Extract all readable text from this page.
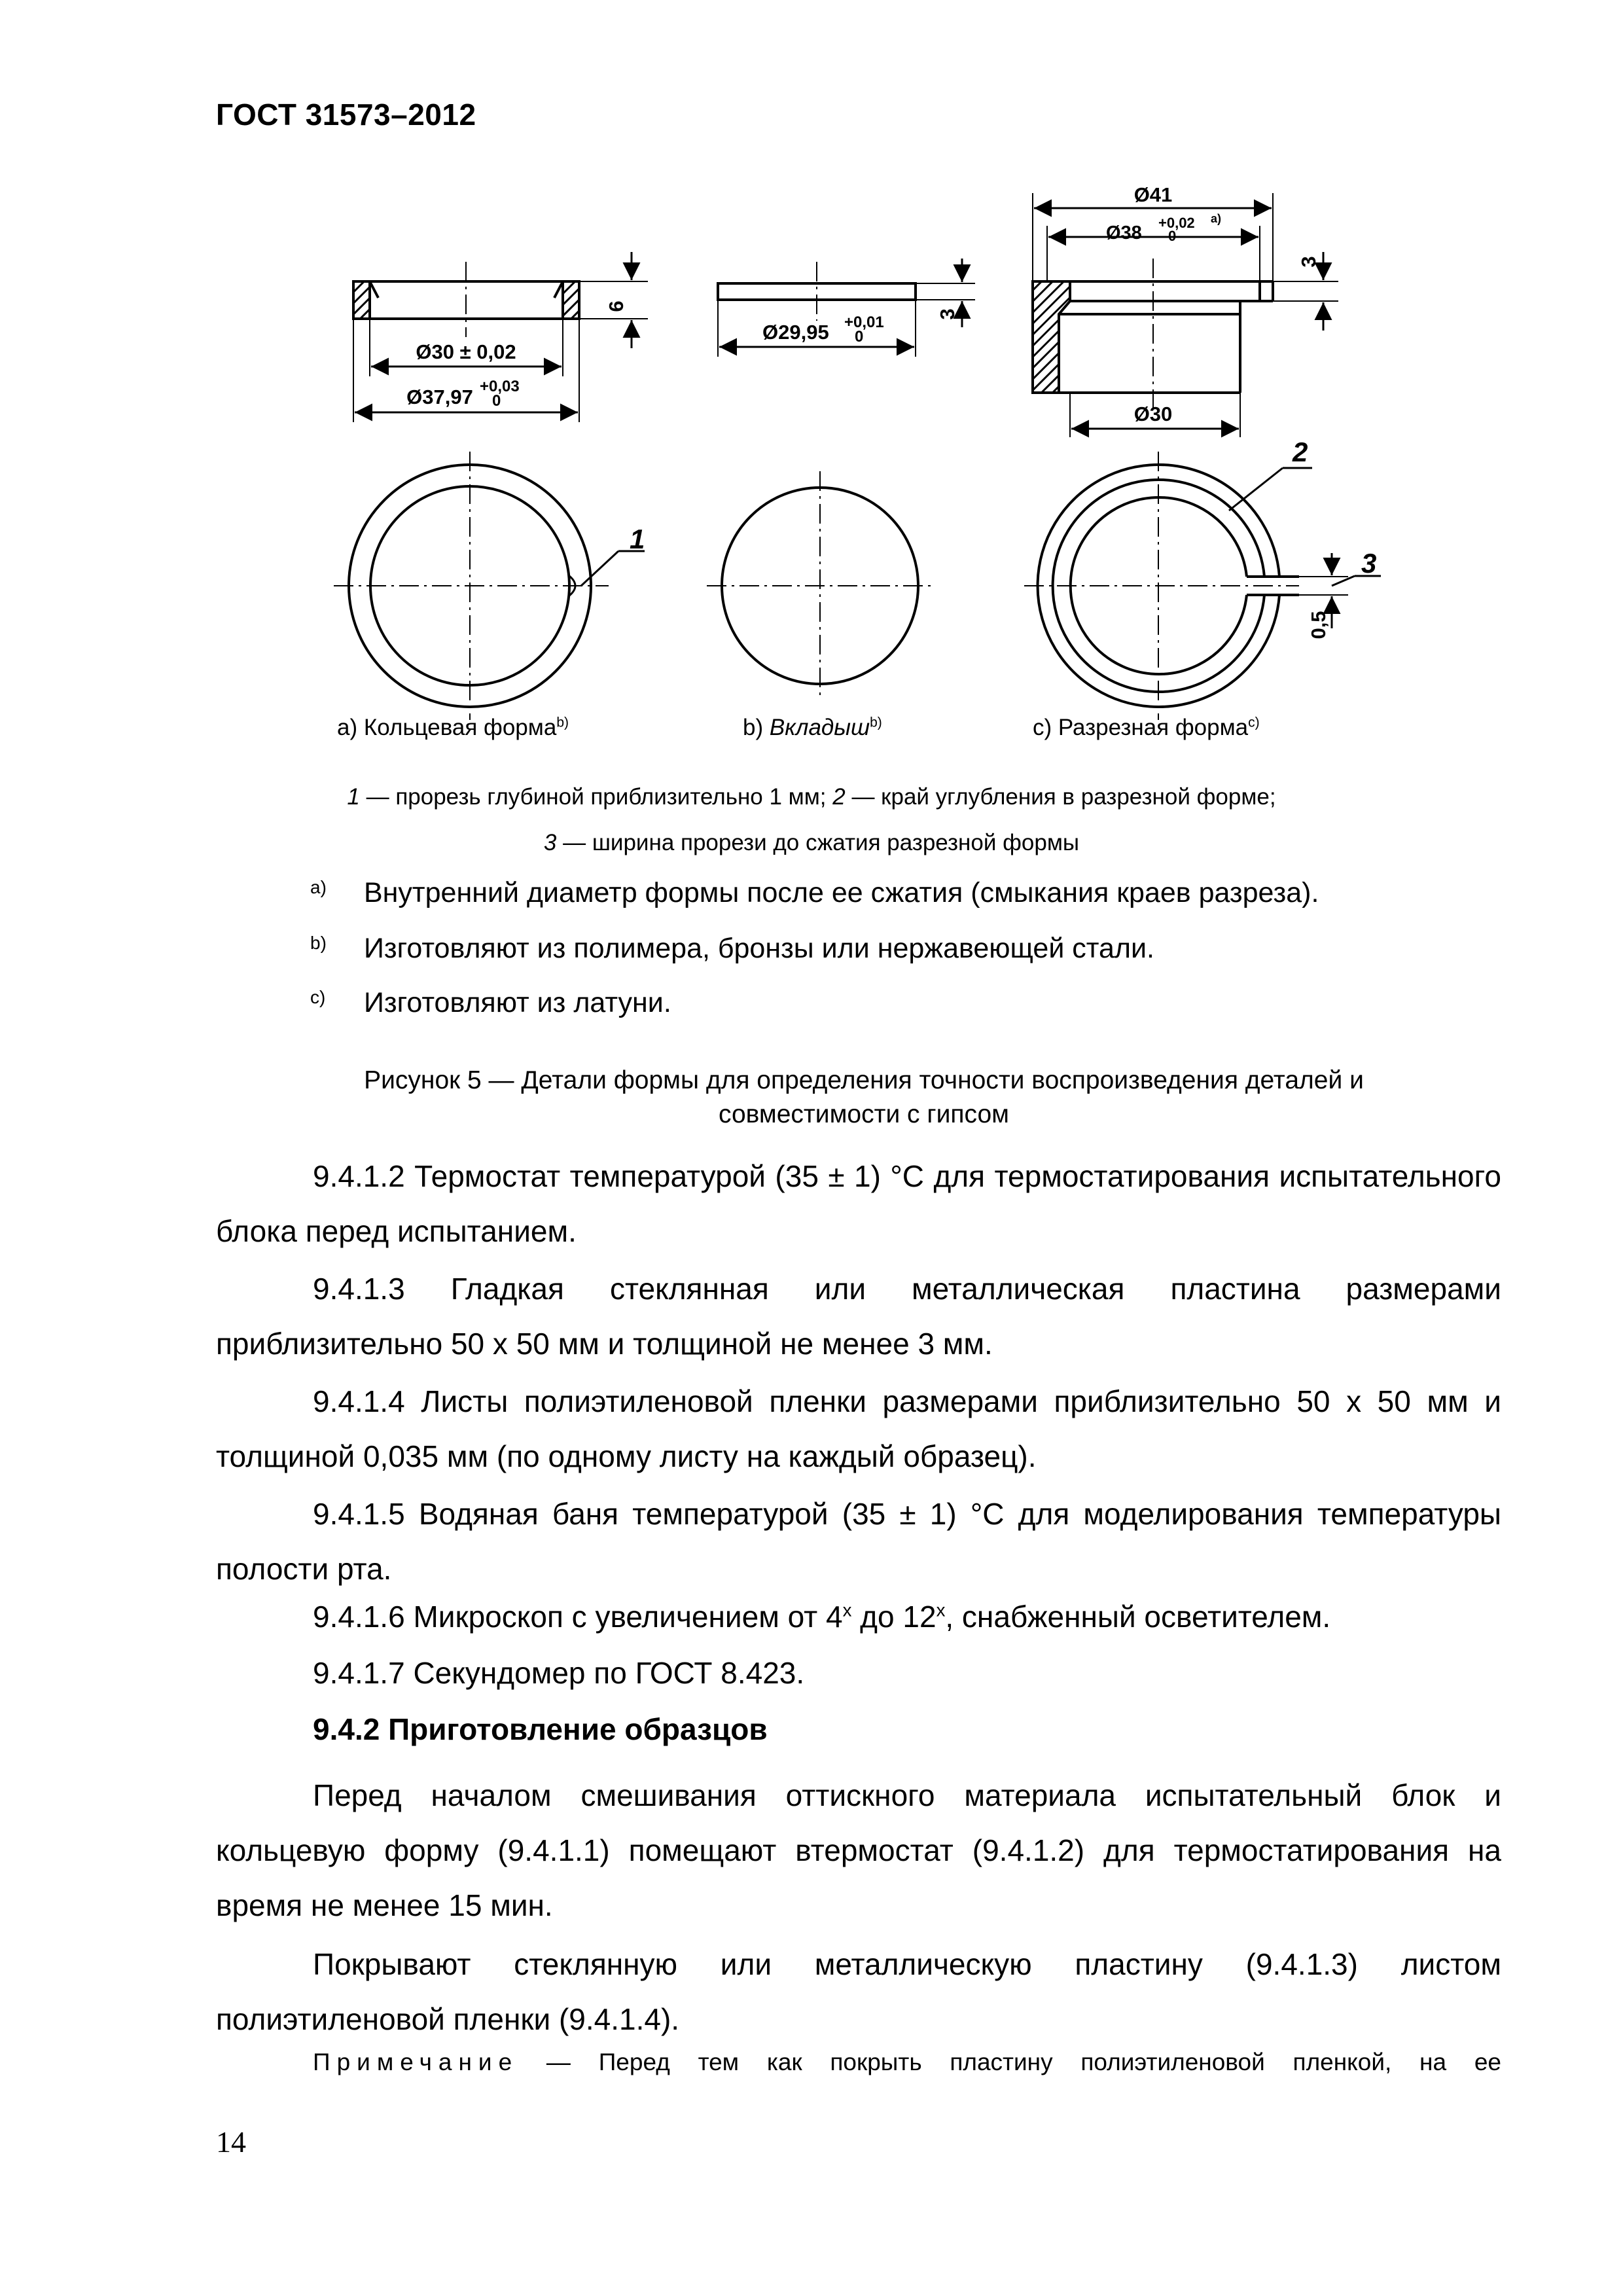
ГОСТ 31573–2012
Ø30 ± 0,02
Ø37,97 +0,03
0
6
Ø29,95 +0,01
0
3
Ø41
Ø38 +0,02 a)
0
Ø30
3
1
2
3
0,5
a) Кольцевая форма$^{b)}$	b) Вкладыш$^{b)}$	c) Разрезная форма$^{c)}$
1 — прорезь глубиной приблизительно 1 мм; 2 — край углубления в разрезной форме;
3 — ширина прорези до сжатия разрезной формы
a) Внутренний диаметр формы после ее сжатия (смыкания краев разреза).
b) Изготовляют из полимера, бронзы или нержавеющей стали.
c) Изготовляют из латуни.
Рисунок 5 — Детали формы для определения точности воспроизведения деталей и
совместимости с гипсом
9.4.1.2 Термостат температурой (35 ± 1) °С для термостатирования испытательного блока перед испытанием.
9.4.1.3 Гладкая стеклянная или металлическая пластина размерами приблизительно 50 х 50 мм и толщиной не менее 3 мм.
9.4.1.4 Листы полиэтиленовой пленки размерами приблизительно 50 х 50 мм и толщиной 0,035 мм (по одному листу на каждый образец).
9.4.1.5 Водяная баня температурой (35 ± 1) °С для моделирования температуры полости рта.
9.4.1.6 Микроскоп с увеличением от 4$^x$ до 12$^x$, снабженный осветителем.
9.4.1.7 Секундомер по ГОСТ 8.423.
9.4.2 Приготовление образцов
Перед началом смешивания оттискного материала испытательный блок и кольцевую форму (9.4.1.1) помещают втермостат (9.4.1.2) для термостатирования на время не менее 15 мин.
Покрывают стеклянную или металлическую пластину (9.4.1.3) листом полиэтиленовой пленки (9.4.1.4).
Примечание — Перед тем как покрыть пластину полиэтиленовой пленкой, на ее
14
